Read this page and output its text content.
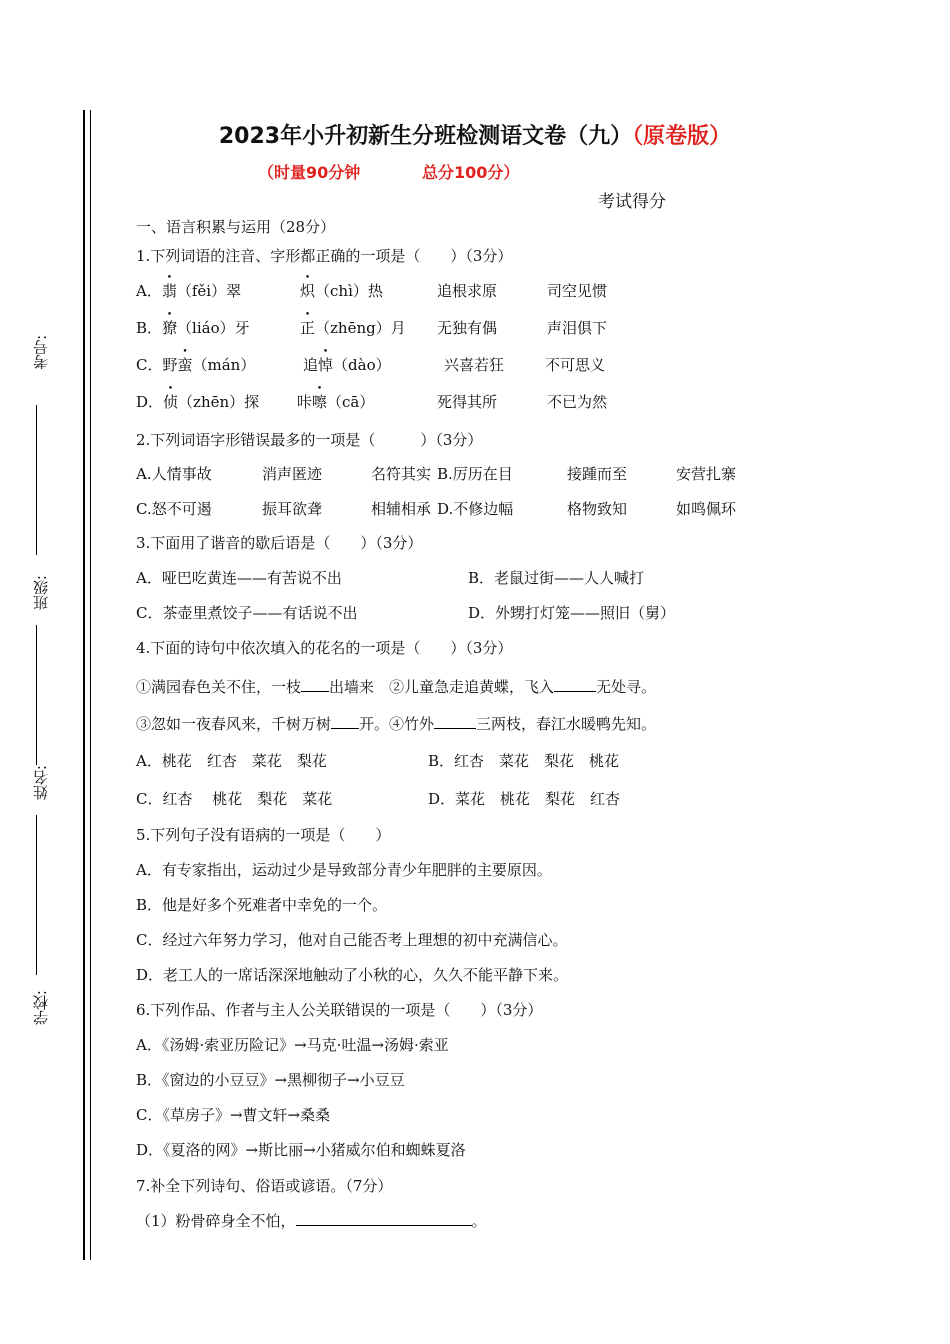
考号:
班级:
姓名:
学校:
2023年小升初新生分班检测语文卷（九）（原卷版）
（时量90分钟	总分100分）
考试得分
一、语言积累与运用（28分）
1.下列词语的注音、字形都正确的一项是（　　）（3分）
A．翡（fěi）翠	炽（chì）热	追根求原	司空见惯
B．獠（liáo）牙	正（zhēng）月 无独有偶	声泪俱下
C．野蛮（mán）	追悼（dào）	兴喜若狂	不可思义
D．侦（zhēn）探	咔嚓（cā）	死得其所	不已为然
2.下列词语字形错误最多的一项是（　　　）（3分）
A.人情事故	消声匿迹	名符其实 B.厉历在目	接踵而至	安营扎寨
C.怒不可遏	振耳欲聋	相辅相承 D.不修边幅	格物致知	如鸣佩环
3.下面用了谐音的歇后语是（　　）（3分）
A．哑巴吃黄连——有苦说不出	B．老鼠过街——人人喊打
C．茶壶里煮饺子——有话说不出	D．外甥打灯笼——照旧（舅）
4.下面的诗句中依次填入的花名的一项是（　　）（3分）
①满园春色关不住，一枝 出墙来　②儿童急走追黄蝶，飞入	无处寻。
③忽如一夜春风来，千树万树 开。④竹外	三两枝，春江水暖鸭先知。
A．桃花　红杏　菜花　梨花	B．红杏　菜花　梨花　桃花
C．红杏　 桃花　梨花　菜花	D．菜花　桃花　梨花　红杏
5.下列句子没有语病的一项是（　　）
A．有专家指出，运动过少是导致部分青少年肥胖的主要原因。
B．他是好多个死难者中幸免的一个。
C．经过六年努力学习，他对自己能否考上理想的初中充满信心。
D．老工人的一席话深深地触动了小秋的心，久久不能平静下来。
6.下列作品、作者与主人公关联错误的一项是（　　）（3分）
A．《汤姆·索亚历险记》→马克·吐温→汤姆·索亚
B．《窗边的小豆豆》→黑柳彻子→小豆豆
C．《草房子》→曹文轩→桑桑
D．《夏洛的网》→斯比丽→小猪威尔伯和蜘蛛夏洛
7.补全下列诗句、俗语或谚语。（7分）
（1）粉骨碎身全不怕，	。
